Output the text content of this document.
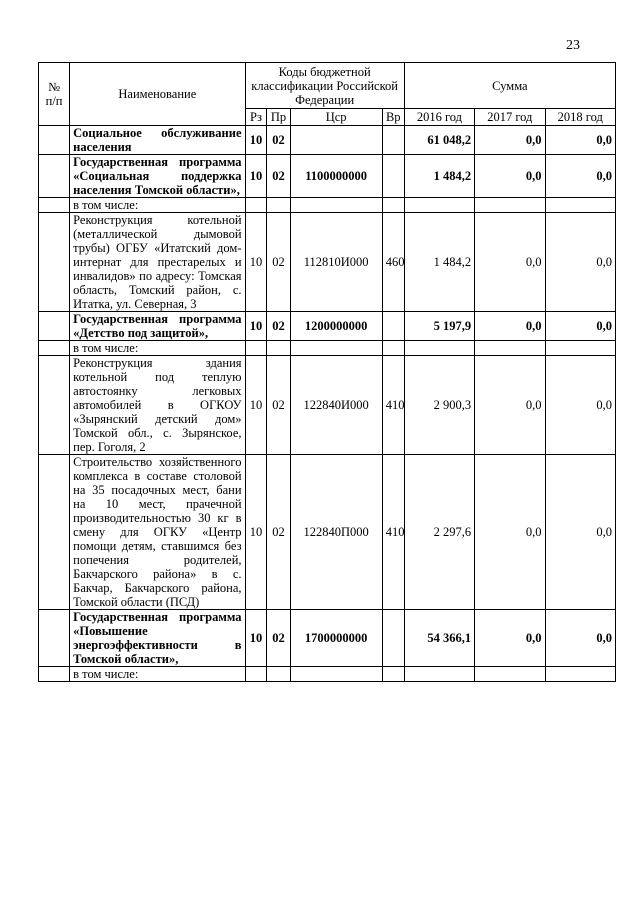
23
№ п/п	Наименование	Коды бюджетной классификации Российской Федерации				Сумма		
		Рз	Пр	Цср	Вр	2016 год	2017 год	2018 год
	Социальное обслуживание населения	10	02			61 048,2	0,0	0,0
	Государственная программа «Социальная поддержка населения Томской области»,	10	02	1100000000		1 484,2	0,0	0,0
	в том числе:							
	Реконструкция котельной (металлической дымовой трубы) ОГБУ «Итатский дом-интернат для престарелых и инвалидов» по адресу: Томская область, Томский район, с. Итатка, ул. Северная, 3	10	02	112810И000	460	1 484,2	0,0	0,0
	Государственная программа «Детство под защитой»,	10	02	1200000000		5 197,9	0,0	0,0
	в том числе:							
	Реконструкция здания котельной под теплую автостоянку легковых автомобилей в ОГКОУ «Зырянский детский дом» Томской обл., с. Зырянское, пер. Гоголя, 2	10	02	122840И000	410	2 900,3	0,0	0,0
	Строительство хозяйственного комплекса в составе столовой на 35 посадочных мест, бани на 10 мест, прачечной производительностью 30 кг в смену для ОГКУ «Центр помощи детям, ставшимся без попечения родителей, Бакчарского района» в с. Бакчар, Бакчарского района, Томской области (ПСД)	10	02	122840П000	410	2 297,6	0,0	0,0
	Государственная программа «Повышение энергоэффективности в Томской области»,	10	02	1700000000		54 366,1	0,0	0,0
	в том числе:							
